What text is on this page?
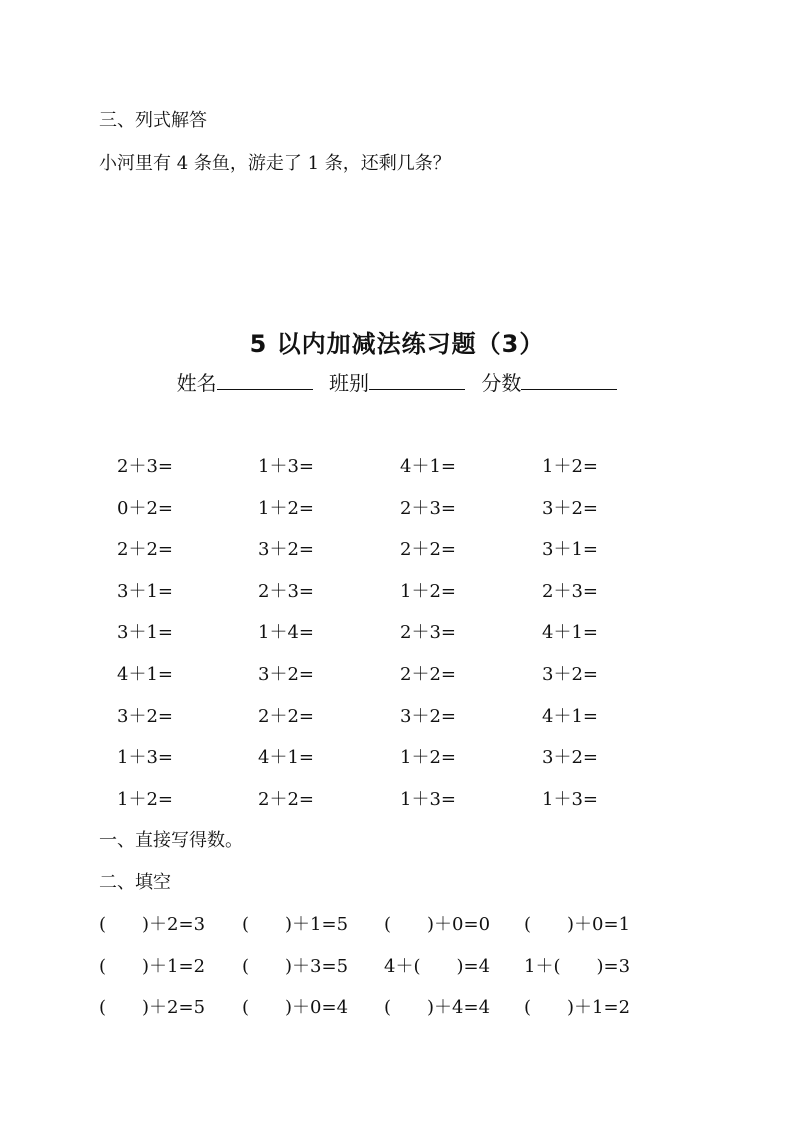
三、列式解答
小河里有 4 条鱼，游走了 1 条，还剩几条？
5 以内加减法练习题（3）
姓名	班别	分数
2＋3=	1＋3=	4＋1=	1＋2=
0＋2=	1＋2=	2＋3=	3＋2=
2＋2=	3＋2=	2＋2=	3＋1=
3＋1=	2＋3=	1＋2=	2＋3=
3＋1=	1＋4=	2＋3=	4＋1=
4＋1=	3＋2=	2＋2=	3＋2=
3＋2=	2＋2=	3＋2=	4＋1=
1＋3=	4＋1=	1＋2=	3＋2=
1＋2=	2＋2=	1＋3=	1＋3=
一、直接写得数。
二、填空
(　　)＋2=3 (　　)＋1=5 (　　)＋0=0 (　　)＋0=1
(　　)＋1=2 (　　)＋3=5 4＋(　　)=4 1＋(　　)=3
(　　)＋2=5 (　　)＋0=4 (　　)＋4=4 (　　)＋1=2
